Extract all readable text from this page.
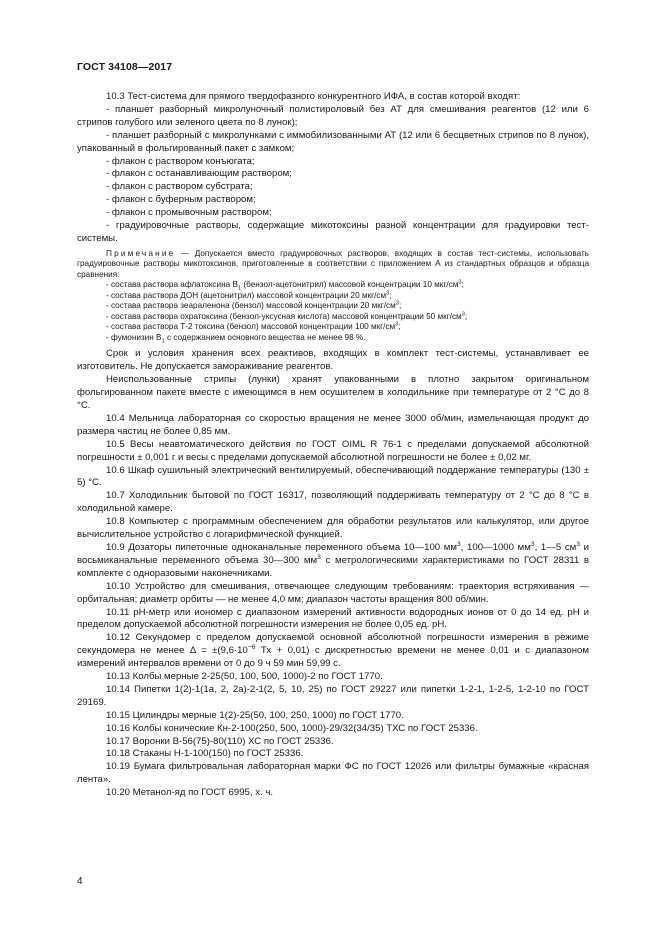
ГОСТ 34108—2017

10.3 Тест-система для прямого твердофазного конкурентного ИФА, в состав которой входят:

- планшет разборный микролуночный полистироловый без АТ для смешивания реагентов (12 или 6 стрипов голубого или зеленого цвета по 8 лунок);

- планшет разборный с микролунками с иммобилизованными АТ (12 или 6 бесцветных стрипов по 8 лунок), упакованный в фольгированный пакет с замком;

- флакон с раствором конъюгата;

- флакон с останавливающим раствором;

- флакон с раствором субстрата;

- флакон с буферным раствором;

- флакон с промывочным раствором;

- градуировочные растворы, содержащие микотоксины разной концентрации для градуировки тест-системы.

Примечание — Допускается вместо градуировочных растворов, входящих в состав тест-системы, использовать градуировочные растворы микотоксинов, приготовленные в соответствии с приложением А из стандартных образцов и образца сравнения:

- состава раствора афлатоксина $B_1$ (бензол-ацетонитрил) массовой концентрации 10 мкг/$см^3$;

- состава раствора ДОН (ацетонитрил) массовой концентрации 20 мкг/$см^3$;

- состава раствора зеараленона (бензол) массовой концентрации 20 мкг/$см^3$;

- состава раствора охратоксина (бензол-уксусная кислота) массовой концентрации 50 мкг/$см^3$;

- состава раствора Т-2 токсина (бензол) массовой концентрации 100 мкг/$см^3$;

- фумонизин $B_1$ с содержанием основного вещества не менее 98 %.

Срок и условия хранения всех реактивов, входящих в комплект тест-системы, устанавливает ее изготовитель. Не допускается замораживание реагентов.

Неиспользованные стрипы (лунки) хранят упакованными в плотно закрытом оригинальном фольгированном пакете вместе с имеющимся в нем осушителем в холодильнике при температуре от 2 °С до 8 °С.

10.4 Мельница лабораторная со скоростью вращения не менее 3000 об/мин, измельчающая продукт до размера частиц не более 0,85 мм.

10.5 Весы неавтоматического действия по ГОСТ OIML R 76-1 с пределами допускаемой абсолютной погрешности ± 0,001 г и весы с пределами допускаемой абсолютной погрешности не более ± 0,02 мг.

10.6 Шкаф сушильный электрический вентилируемый, обеспечивающий поддержание температуры (130 ± 5) °С.

10.7 Холодильник бытовой по ГОСТ 16317, позволяющий поддерживать температуру от 2 °С до 8 °С в холодильной камере.

10.8 Компьютер с программным обеспечением для обработки результатов или калькулятор, или другое вычислительное устройство с логарифмической функцией.

10.9 Дозаторы пипеточные одноканальные переменного объема 10—100 $мм^3$, 100—1000 $мм^3$, 1—5 $см^3$ и восьмиканальные переменного объема 30—300 $мм^3$ с метрологическими характеристиками по ГОСТ 28311 в комплекте с одноразовыми наконечниками.

10.10 Устройство для смешивания, отвечающее следующим требованиям: траектория встряхивания — орбитальная; диаметр орбиты — не менее 4,0 мм; диапазон частоты вращения 800 об/мин.

10.11 рН-метр или иономер с диапазоном измерений активности водородных ионов от 0 до 14 ед. рН и пределом допускаемой абсолютной погрешности измерения не более 0,05 ед. рН.

10.12 Секундомер с пределом допускаемой основной абсолютной погрешности измерения в режиме секундомера не менее $\Delta = \pm(9,6\cdot 10^{-6}$ Тх + 0,01) с дискретностью времени не менее 0,01 и с диапазоном измерений интервалов времени от 0 до 9 ч 59 мин 59,99 с.

10.13 Колбы мерные 2-25(50, 100, 500, 1000)-2 по ГОСТ 1770.

10.14 Пипетки 1(2)-1(1а, 2, 2а)-2-1(2, 5, 10, 25) по ГОСТ 29227 или пипетки 1-2-1, 1-2-5, 1-2-10 по ГОСТ 29169.

10.15 Цилиндры мерные 1(2)-25(50, 100, 250, 1000) по ГОСТ 1770.

10.16 Колбы конические Кн-2-100(250, 500, 1000)-29/32(34/35) ТХС по ГОСТ 25336.

10.17 Воронки В-56(75)-80(110) ХС по ГОСТ 25336.

10.18 Стаканы Н-1-100(150) по ГОСТ 25336.

10.19 Бумага фильтровальная лабораторная марки ФС по ГОСТ 12026 или фильтры бумажные «красная лента».

10.20 Метанол-яд по ГОСТ 6995, х. ч.

4
